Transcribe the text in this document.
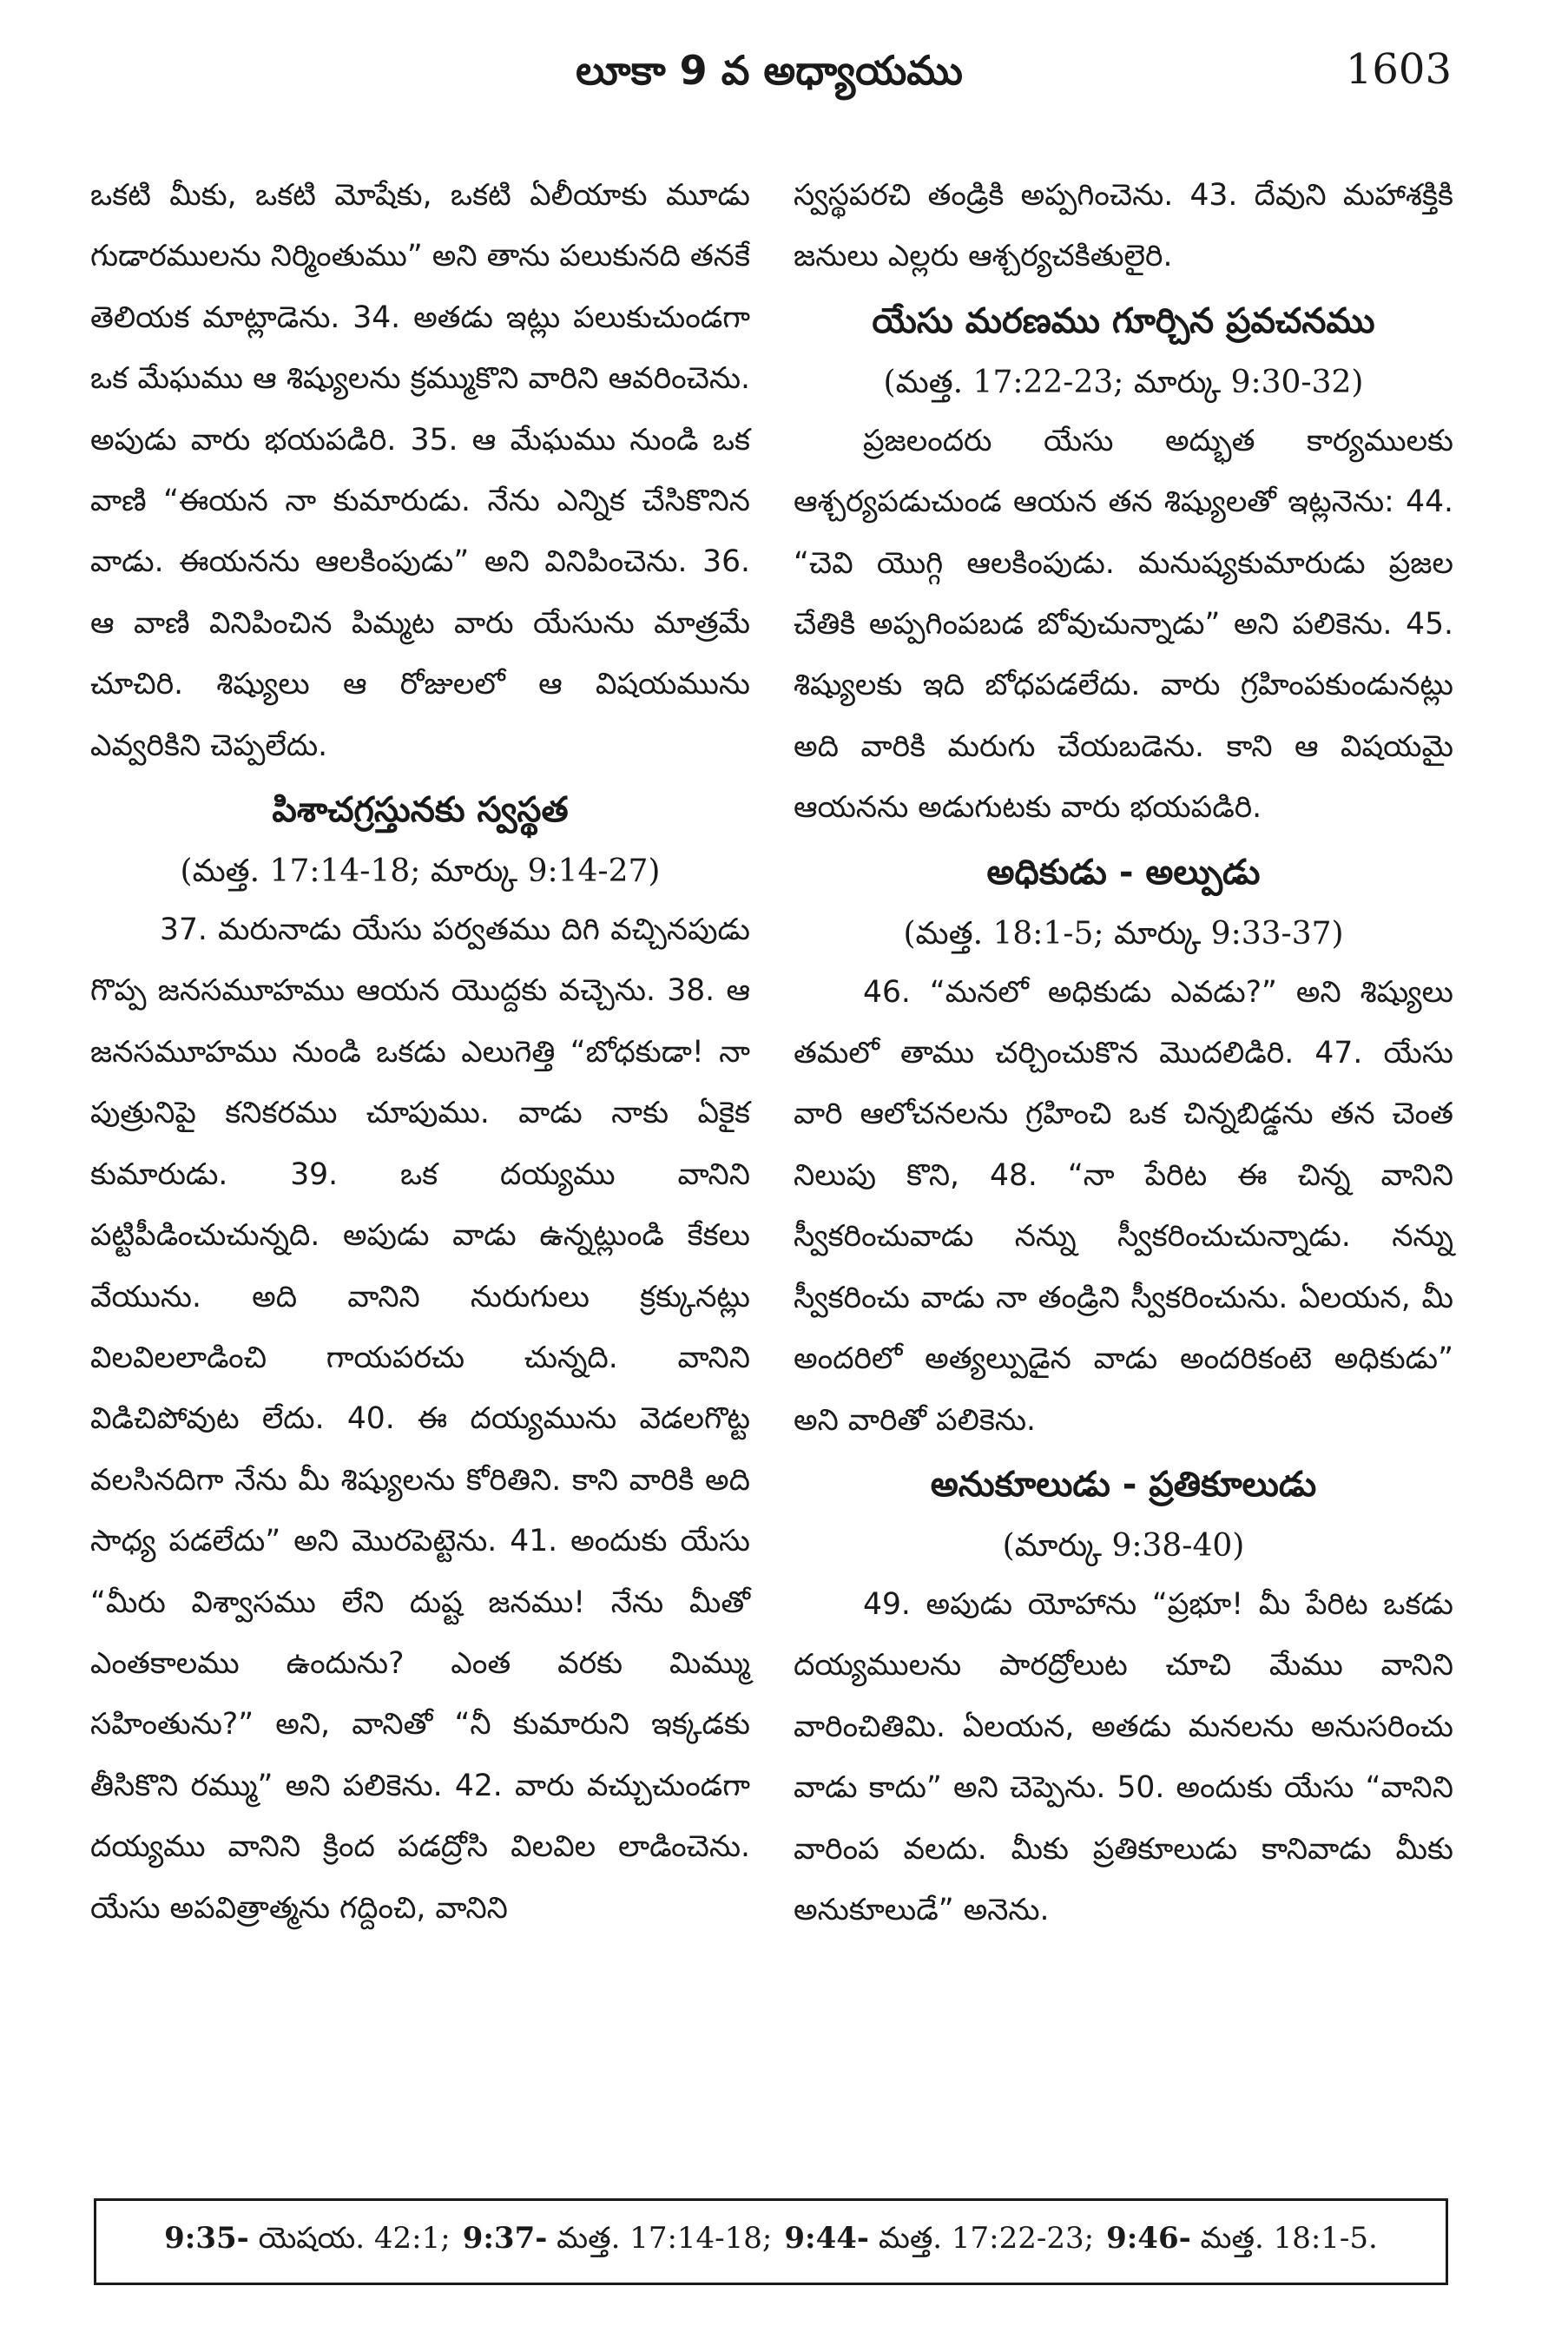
లూకా 9 వ అధ్యాయము	1603

ఒకటి మీకు, ఒకటి మోషేకు, ఒకటి ఏలీయాకు మూడు గుడారములను నిర్మింతుము” అని తాను పలుకునది తనకే తెలియక మాట్లాడెను. 34. అతడు ఇట్లు పలుకుచుండగా ఒక మేఘము ఆ శిష్యులను క్రమ్ముకొని వారిని ఆవరించెను. అపుడు వారు భయపడిరి. 35. ఆ మేఘము నుండి ఒక వాణి “ఈయన నా కుమారుడు. నేను ఎన్నిక చేసికొనిన వాడు. ఈయనను ఆలకింపుడు” అని వినిపించెను. 36. ఆ వాణి వినిపించిన పిమ్మట వారు యేసును మాత్రమే చూచిరి. శిష్యులు ఆ రోజులలో ఆ విషయమును ఎవ్వరికిని చెప్పలేదు.

పిశాచగ్రస్తునకు స్వస్థత

(మత్త. 17:14-18; మార్కు 9:14-27)

37. మరునాడు యేసు పర్వతము దిగి వచ్చినపుడు గొప్ప జనసమూహము ఆయన యొద్దకు వచ్చెను. 38. ఆ జనసమూహము నుండి ఒకడు ఎలుగెత్తి “బోధకుడా! నా పుత్రునిపై కనికరము చూపుము. వాడు నాకు ఏకైక కుమారుడు. 39. ఒక దయ్యము వానిని పట్టిపీడించుచున్నది. అపుడు వాడు ఉన్నట్లుండి కేకలు వేయును. అది వానిని నురుగులు క్రక్కునట్లు విలవిలలాడించి గాయపరచు చున్నది. వానిని విడిచిపోవుట లేదు. 40. ఈ దయ్యమును వెడలగొట్ట వలసినదిగా నేను మీ శిష్యులను కోరితిని. కాని వారికి అది సాధ్య పడలేదు” అని మొరపెట్టెను. 41. అందుకు యేసు “మీరు విశ్వాసము లేని దుష్ట జనము! నేను మీతో ఎంతకాలము ఉందును? ఎంత వరకు మిమ్ము సహింతును?” అని, వానితో “నీ కుమారుని ఇక్కడకు తీసికొని రమ్ము” అని పలికెను. 42. వారు వచ్చుచుండగా దయ్యము వానిని క్రింద పడద్రోసి విలవిల లాడించెను. యేసు అపవిత్రాత్మను గద్దించి, వానిని

స్వస్థపరచి తండ్రికి అప్పగించెను. 43. దేవుని మహాశక్తికి జనులు ఎల్లరు ఆశ్చర్యచకితులైరి.

యేసు మరణము గూర్చిన ప్రవచనము

(మత్త. 17:22-23; మార్కు 9:30-32)

ప్రజలందరు యేసు అద్భుత కార్యములకు ఆశ్చర్యపడుచుండ ఆయన తన శిష్యులతో ఇట్లనెను: 44. “చెవి యొగ్గి ఆలకింపుడు. మనుష్యకుమారుడు ప్రజల చేతికి అప్పగింపబడ బోవుచున్నాడు” అని పలికెను. 45. శిష్యులకు ఇది బోధపడలేదు. వారు గ్రహింపకుండునట్లు అది వారికి మరుగు చేయబడెను. కాని ఆ విషయమై ఆయనను అడుగుటకు వారు భయపడిరి.

అధికుడు - అల్పుడు

(మత్త. 18:1-5; మార్కు 9:33-37)

46. “మనలో అధికుడు ఎవడు?” అని శిష్యులు తమలో తాము చర్చించుకొన మొదలిడిరి. 47. యేసు వారి ఆలోచనలను గ్రహించి ఒక చిన్నబిడ్డను తన చెంత నిలుపు కొని, 48. “నా పేరిట ఈ చిన్న వానిని స్వీకరించువాడు నన్ను స్వీకరించుచున్నాడు. నన్ను స్వీకరించు వాడు నా తండ్రిని స్వీకరించును. ఏలయన, మీ అందరిలో అత్యల్పుడైన వాడు అందరికంటె అధికుడు” అని వారితో పలికెను.

అనుకూలుడు - ప్రతికూలుడు

(మార్కు 9:38-40)

49. అపుడు యోహాను “ప్రభూ! మీ పేరిట ఒకడు దయ్యములను పారద్రోలుట చూచి మేము వానిని వారించితిమి. ఏలయన, అతడు మనలను అనుసరించు వాడు కాదు” అని చెప్పెను. 50. అందుకు యేసు “వానిని వారింప వలదు. మీకు ప్రతికూలుడు కానివాడు మీకు అనుకూలుడే” అనెను.

9:35- యెషయ. 42:1; 9:37- మత్త. 17:14-18; 9:44- మత్త. 17:22-23; 9:46- మత్త. 18:1-5.
